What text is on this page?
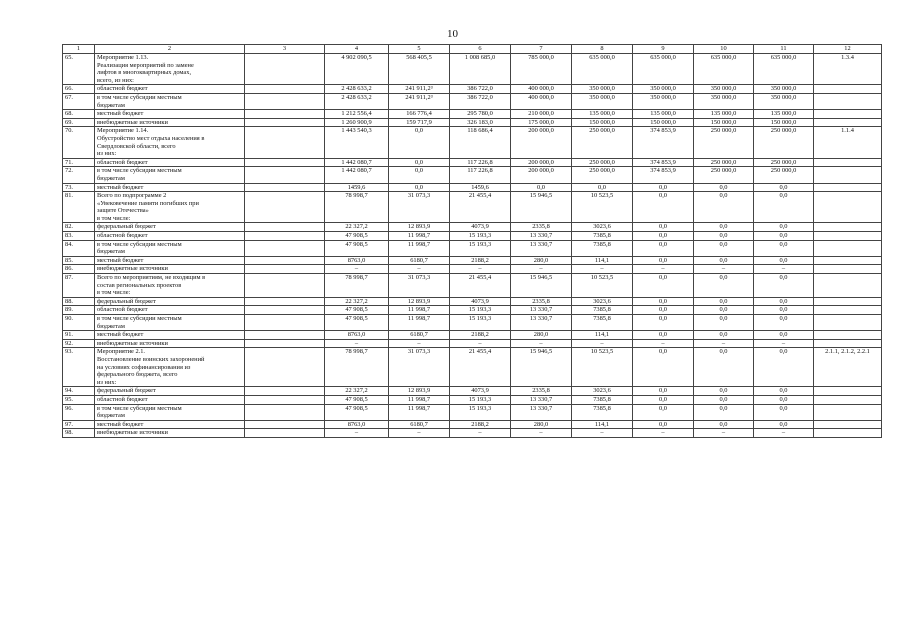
10
1	2	3	4	5	6	7	8	9	10	11	12
65.	Мероприятие 1.13.
Реализация мероприятий по замене
лифтов в многоквартирных домах,
всего, из них:		4 902 090,5	568 405,5	1 008 685,0	785 000,0	635 000,0	635 000,0	635 000,0	635 000,0	1.3.4
66.	областной бюджет		2 428 633,2	241 911,2³	386 722,0	400 000,0	350 000,0	350 000,0	350 000,0	350 000,0	
67.	в том числе субсидии местным
бюджетам		2 428 633,2	241 911,2³	386 722,0	400 000,0	350 000,0	350 000,0	350 000,0	350 000,0	
68.	местный бюджет		1 212 556,4	166 776,4	295 780,0	210 000,0	135 000,0	135 000,0	135 000,0	135 000,0	
69.	внебюджетные источники		1 260 900,9	159 717,9	326 183,0	175 000,0	150 000,0	150 000,0	150 000,0	150 000,0	
70.	Мероприятие 1.14.
Обустройство мест отдыха населения в
Свердловской области, всего
из них:		1 443 540,3	0,0	118 686,4	200 000,0	250 000,0	374 853,9	250 000,0	250 000,0	1.1.4
71.	областной бюджет		1 442 080,7	0,0	117 226,8	200 000,0	250 000,0	374 853,9	250 000,0	250 000,0	
72.	в том числе субсидии местным
бюджетам		1 442 080,7	0,0	117 226,8	200 000,0	250 000,0	374 853,9	250 000,0	250 000,0	
73.	местный бюджет		1459,6	0,0	1459,6	0,0	0,0	0,0	0,0	0,0	
81.	Всего по подпрограмме 2
«Увековечение памяти погибших при
защите Отечества»
в том числе:		78 998,7	31 073,3	21 455,4	15 946,5	10 523,5	0,0	0,0	0,0	
82.	федеральный бюджет		22 327,2	12 893,9	4073,9	2335,8	3023,6	0,0	0,0	0,0	
83.	областной бюджет		47 908,5	11 998,7	15 193,3	13 330,7	7385,8	0,0	0,0	0,0	
84.	в том числе субсидии местным
бюджетам		47 908,5	11 998,7	15 193,3	13 330,7	7385,8	0,0	0,0	0,0	
85.	местный бюджет		8763,0	6180,7	2188,2	280,0	114,1	0,0	0,0	0,0	
86.	внебюджетные источники		–	–	–	–	–	–	–	–	
87.	Всего по мероприятиям, не входящим в
состав региональных проектов
в том числе:		78 998,7	31 073,3	21 455,4	15 946,5	10 523,5	0,0	0,0	0,0	
88.	федеральный бюджет		22 327,2	12 893,9	4073,9	2335,8	3023,6	0,0	0,0	0,0	
89.	областной бюджет		47 908,5	11 998,7	15 193,3	13 330,7	7385,8	0,0	0,0	0,0	
90.	в том числе субсидии местным
бюджетам		47 908,5	11 998,7	15 193,3	13 330,7	7385,8	0,0	0,0	0,0	
91.	местный бюджет		8763,0	6180,7	2188,2	280,0	114,1	0,0	0,0	0,0	
92.	внебюджетные источники		–	–	–	–	–	–	–	–	
93.	Мероприятие 2.1.
Восстановление воинских захоронений
на условиях софинансирования из
федерального бюджета, всего
из них:		78 998,7	31 073,3	21 455,4	15 946,5	10 523,5	0,0	0,0	0,0	2.1.1, 2.1.2, 2.2.1
94.	федеральный бюджет		22 327,2	12 893,9	4073,9	2335,8	3023,6	0,0	0,0	0,0	
95.	областной бюджет		47 908,5	11 998,7	15 193,3	13 330,7	7385,8	0,0	0,0	0,0	
96.	в том числе субсидии местным
бюджетам		47 908,5	11 998,7	15 193,3	13 330,7	7385,8	0,0	0,0	0,0	
97.	местный бюджет		8763,0	6180,7	2188,2	280,0	114,1	0,0	0,0	0,0	
98.	внебюджетные источники		–	–	–	–	–	–	–	–	
